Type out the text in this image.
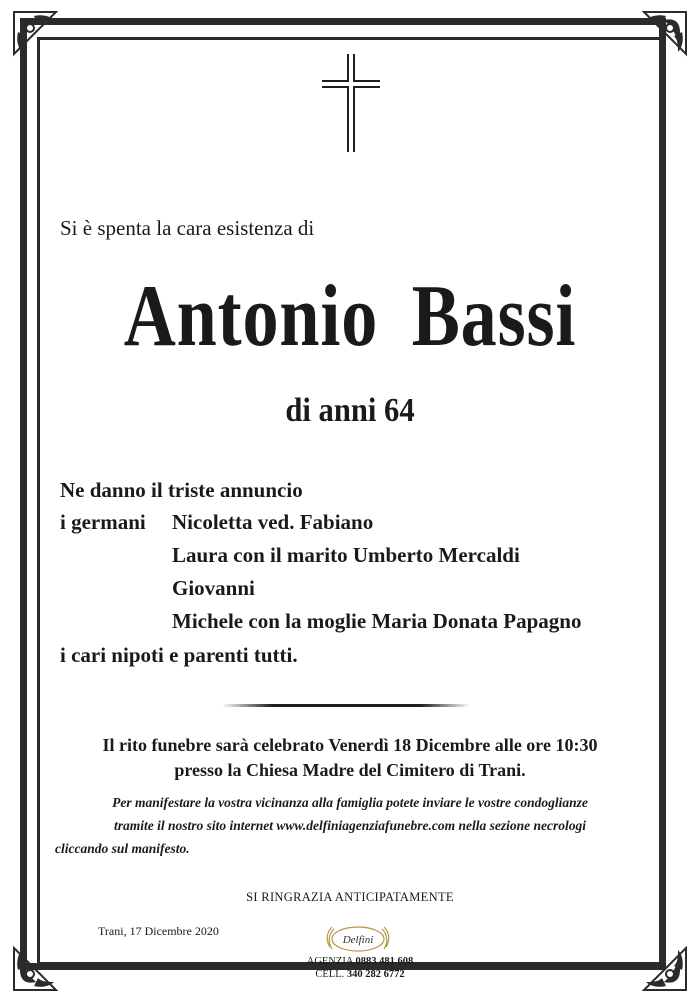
Si è spenta la cara esistenza di
Antonio Bassi
di anni 64
Ne danno il triste annuncio
i germani Nicoletta ved. Fabiano
Laura con il marito Umberto Mercaldi
Giovanni
Michele con la moglie Maria Donata Papagno
i cari nipoti e parenti tutti.
Il rito funebre sarà celebrato Venerdì 18 Dicembre alle ore 10:30
presso la Chiesa Madre del Cimitero di Trani.
Per manifestare la vostra vicinanza alla famiglia potete inviare le vostre condoglianze
tramite il nostro sito internet www.delfiniagenziafunebre.com nella sezione necrologi
cliccando sul manifesto.
SI RINGRAZIA ANTICIPATAMENTE
Trani, 17 Dicembre 2020
Delfini
AGENZIA 0883 481 608
CELL. 340 282 6772
